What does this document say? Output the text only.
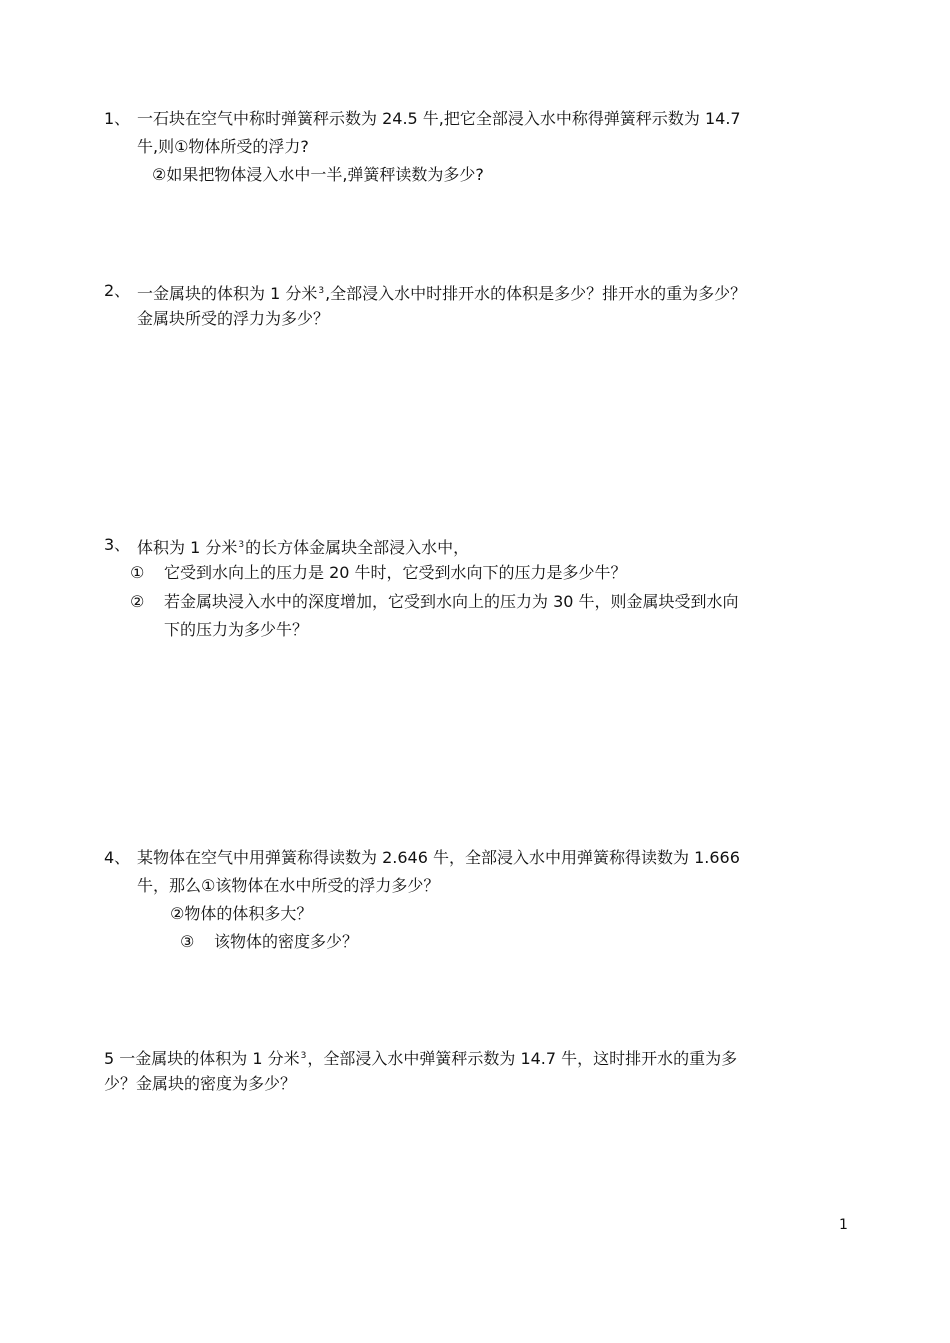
1、 一石块在空气中称时弹簧秤示数为 24.5 牛,把它全部浸入水中称得弹簧秤示数为 14.7
牛,则①物体所受的浮力?
②如果把物体浸入水中一半,弹簧秤读数为多少?
2、 一金属块的体积为 1 分米$^3$,全部浸入水中时排开水的体积是多少？排开水的重为多少？
金属块所受的浮力为多少？
3、 体积为 1 分米$^3$的长方体金属块全部浸入水中，
① 它受到水向上的压力是 20 牛时，它受到水向下的压力是多少牛？
② 若金属块浸入水中的深度增加，它受到水向上的压力为 30 牛，则金属块受到水向
下的压力为多少牛？
4、 某物体在空气中用弹簧称得读数为 2.646 牛，全部浸入水中用弹簧称得读数为 1.666
牛，那么①该物体在水中所受的浮力多少？
②物体的体积多大？
③ 该物体的密度多少？
5 一金属块的体积为 1 分米$^3$，全部浸入水中弹簧秤示数为 14.7 牛，这时排开水的重为多
少？金属块的密度为多少？
1
